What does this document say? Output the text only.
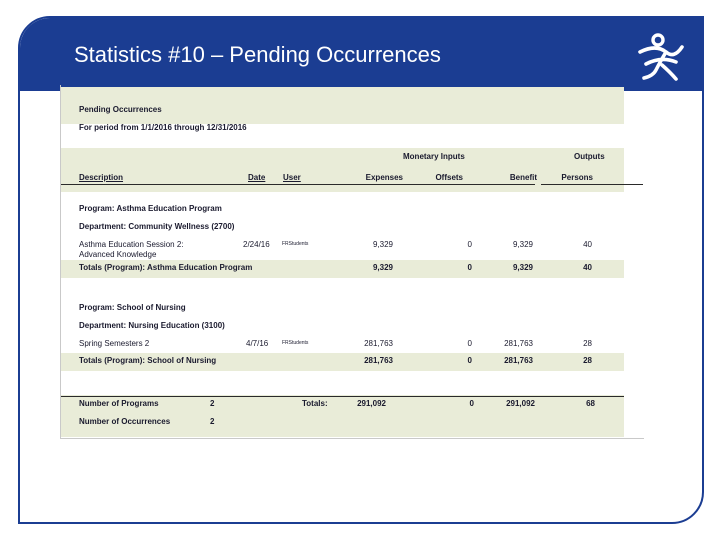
Statistics #10 – Pending Occurrences
Pending Occurrences
For period from 1/1/2016 through 12/31/2016
Monetary Inputs	Outputs
Description	Date User	Expenses	Offsets	Benefit	Persons
Program: Asthma Education Program
Department: Community Wellness (2700)
Asthma Education Session 2:
Advanced Knowledge
2/24/16 FRStudents	9,329	0	9,329	40
Totals (Program): Asthma Education Program	9,329	0	9,329	40
Program: School of Nursing
Department: Nursing Education (3100)
Spring Semesters 2	4/7/16	FRStudents	281,763	0	281,763	28
Totals (Program): School of Nursing	281,763	0	281,763	28
Number of Programs	2	Totals:	291,092	0	291,092	68
Number of Occurrences	2
